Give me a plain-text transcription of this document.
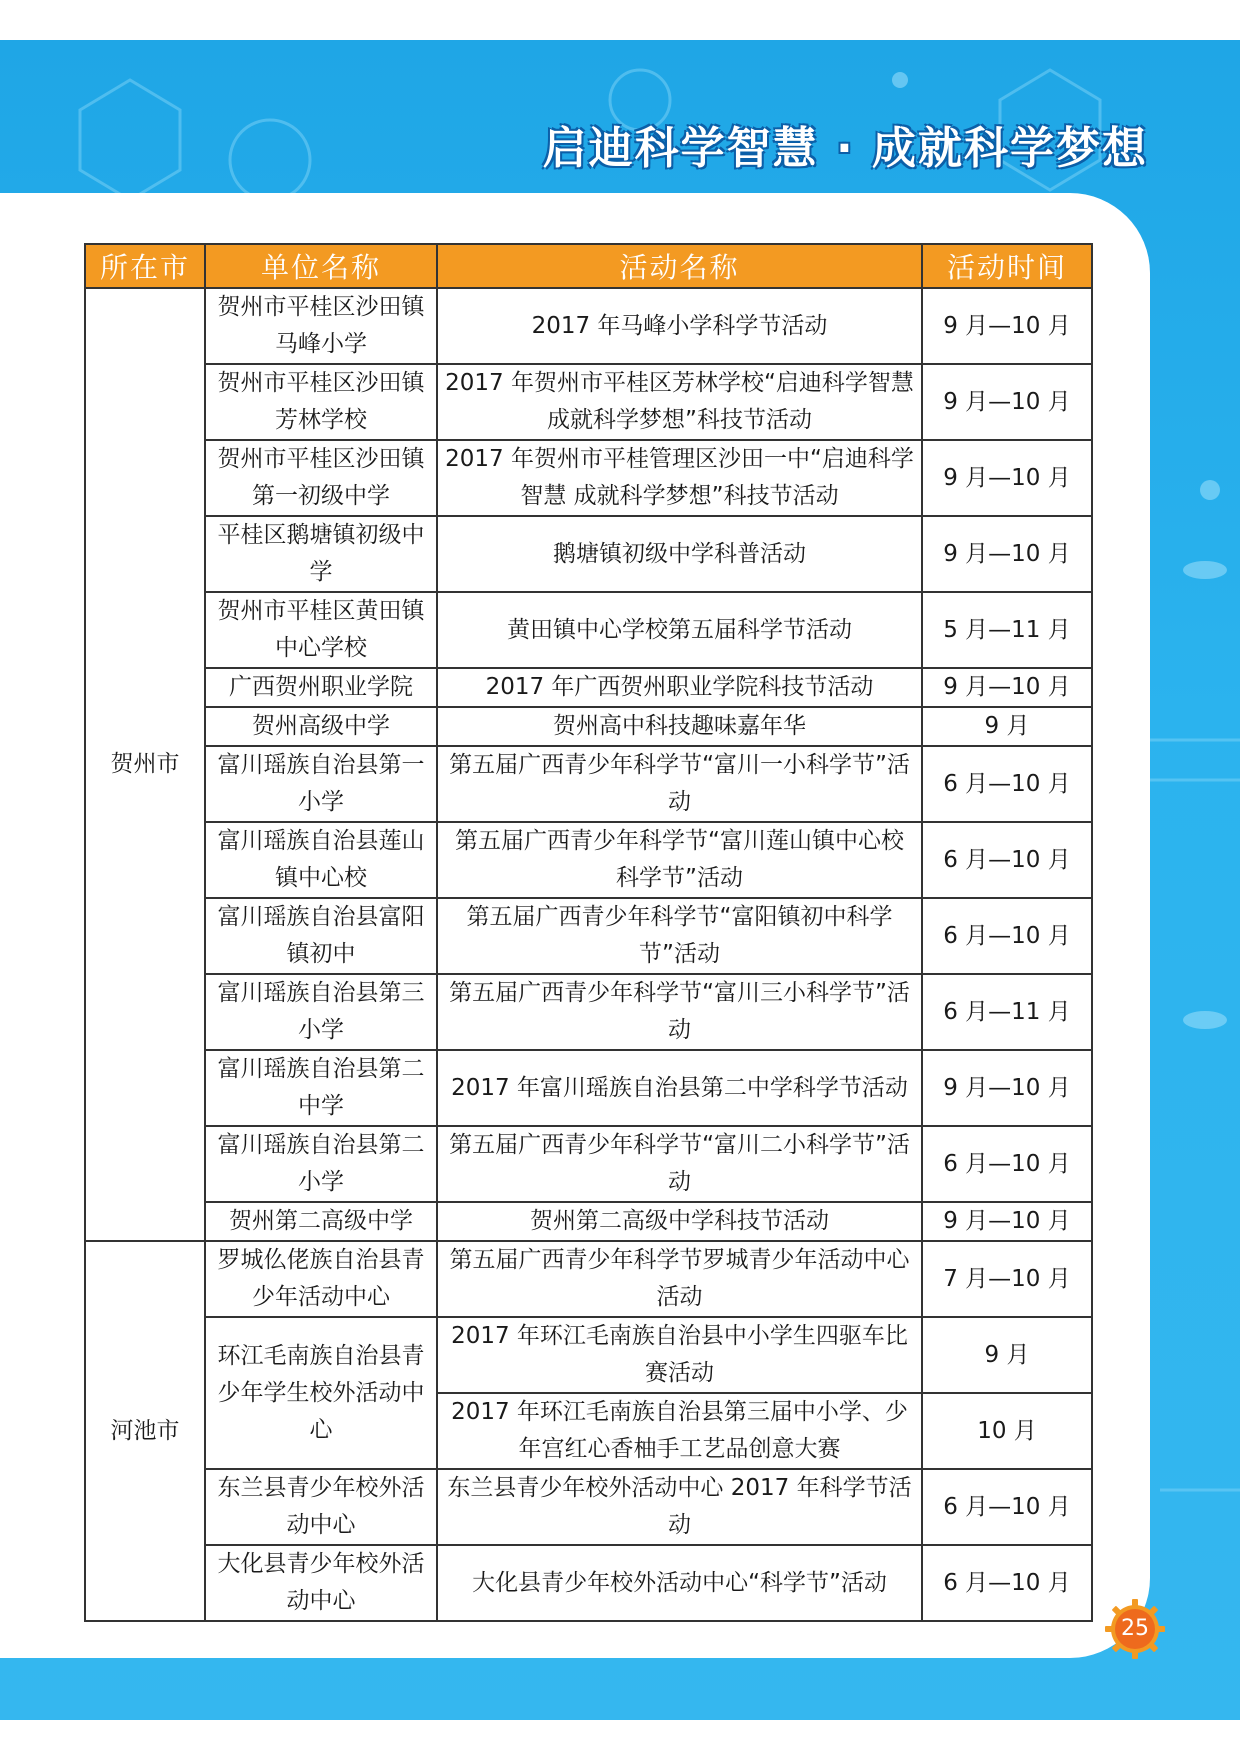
启迪科学智慧 · 成就科学梦想
所在市	单位名称	活动名称	活动时间
贺州市	贺州市平桂区沙田镇马峰小学	2017 年马峰小学科学节活动	9 月—10 月
	贺州市平桂区沙田镇芳林学校	2017 年贺州市平桂区芳林学校“启迪科学智慧 成就科学梦想”科技节活动	9 月—10 月
	贺州市平桂区沙田镇第一初级中学	2017 年贺州市平桂管理区沙田一中“启迪科学智慧 成就科学梦想”科技节活动	9 月—10 月
	平桂区鹅塘镇初级中学	鹅塘镇初级中学科普活动	9 月—10 月
	贺州市平桂区黄田镇中心学校	黄田镇中心学校第五届科学节活动	5 月—11 月
	广西贺州职业学院	2017 年广西贺州职业学院科技节活动	9 月—10 月
	贺州高级中学	贺州高中科技趣味嘉年华	9 月
	富川瑶族自治县第一小学	第五届广西青少年科学节“富川一小科学节”活动	6 月—10 月
	富川瑶族自治县莲山镇中心校	第五届广西青少年科学节“富川莲山镇中心校科学节”活动	6 月—10 月
	富川瑶族自治县富阳镇初中	第五届广西青少年科学节“富阳镇初中科学节”活动	6 月—10 月
	富川瑶族自治县第三小学	第五届广西青少年科学节“富川三小科学节”活动	6 月—11 月
	富川瑶族自治县第二中学	2017 年富川瑶族自治县第二中学科学节活动	9 月—10 月
	富川瑶族自治县第二小学	第五届广西青少年科学节“富川二小科学节”活动	6 月—10 月
	贺州第二高级中学	贺州第二高级中学科技节活动	9 月—10 月
河池市	罗城仫佬族自治县青少年活动中心	第五届广西青少年科学节罗城青少年活动中心活动	7 月—10 月
	环江毛南族自治县青少年学生校外活动中心	2017 年环江毛南族自治县中小学生四驱车比赛活动	9 月
		2017 年环江毛南族自治县第三届中小学、少年宫红心香柚手工艺品创意大赛	10 月
	东兰县青少年校外活动中心	东兰县青少年校外活动中心 2017 年科学节活动	6 月—10 月
	大化县青少年校外活动中心	大化县青少年校外活动中心“科学节”活动	6 月—10 月
25
